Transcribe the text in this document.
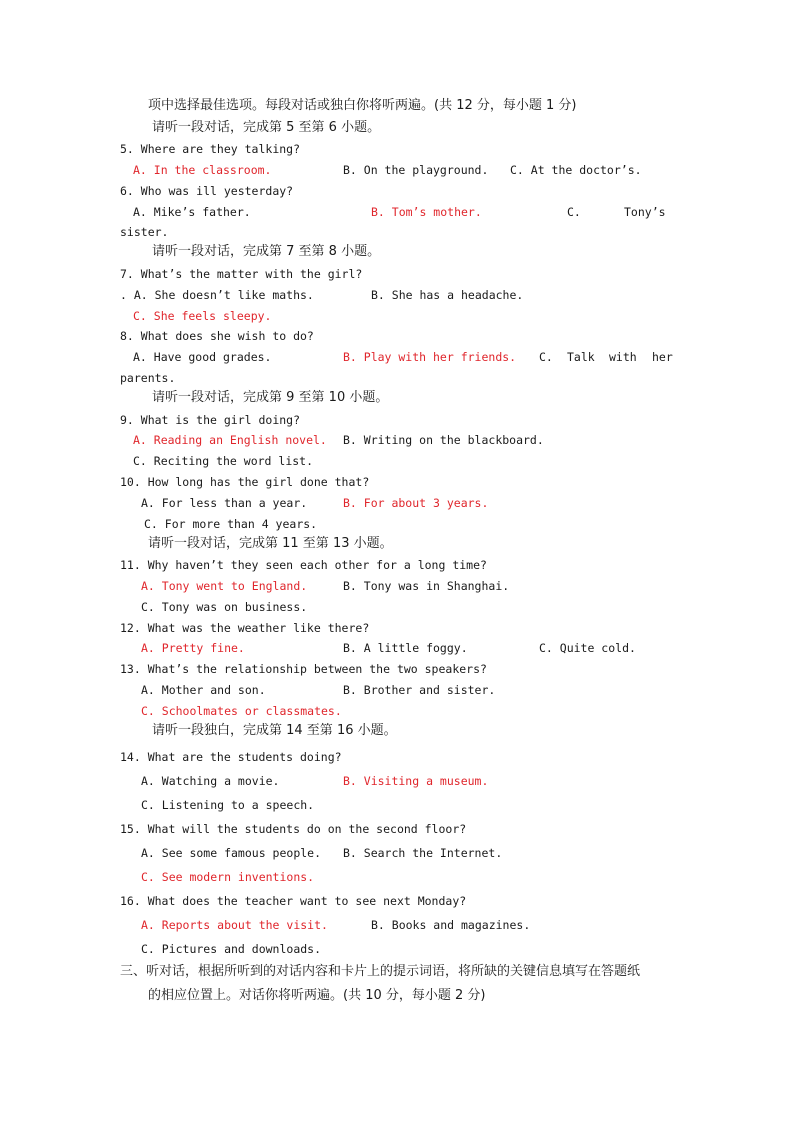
项中选择最佳选项。每段对话或独白你将听两遍。(共 12 分，每小题 1 分)
请听一段对话，完成第 5 至第 6 小题。
5. Where are they talking?
A. In the classroom.	B. On the playground. C. At the doctor’s.
6. Who was ill yesterday?
A. Mike’s father.	B. Tom’s mother.	C.	Tony’s
sister.
请听一段对话，完成第 7 至第 8 小题。
7. What’s the matter with the girl?
. A. She doesn’t like maths.	B. She has a headache.
C. She feels sleepy.
8. What does she wish to do?
A. Have good grades.	B. Play with her friends. C. Talk with her
parents.
请听一段对话，完成第 9 至第 10 小题。
9. What is the girl doing?
A. Reading an English novel. B. Writing on the blackboard.
C. Reciting the word list.
10. How long has the girl done that?
A. For less than a year.	B. For about 3 years.
C. For more than 4 years.
请听一段对话，完成第 11 至第 13 小题。
11. Why haven’t they seen each other for a long time?
A. Tony went to England.	B. Tony was in Shanghai.
C. Tony was on business.
12. What was the weather like there?
A. Pretty fine.	B. A little foggy.	C. Quite cold.
13. What’s the relationship between the two speakers?
A. Mother and son.	B. Brother and sister.
C. Schoolmates or classmates.
请听一段独白，完成第 14 至第 16 小题。
14. What are the students doing?
A. Watching a movie.	B. Visiting a museum.
C. Listening to a speech.
15. What will the students do on the second floor?
A. See some famous people. B. Search the Internet.
C. See modern inventions.
16. What does the teacher want to see next Monday?
A. Reports about the visit.	B. Books and magazines.
C. Pictures and downloads.
三、听对话，根据所听到的对话内容和卡片上的提示词语，将所缺的关键信息填写在答题纸
的相应位置上。对话你将听两遍。(共 10 分，每小题 2 分)
